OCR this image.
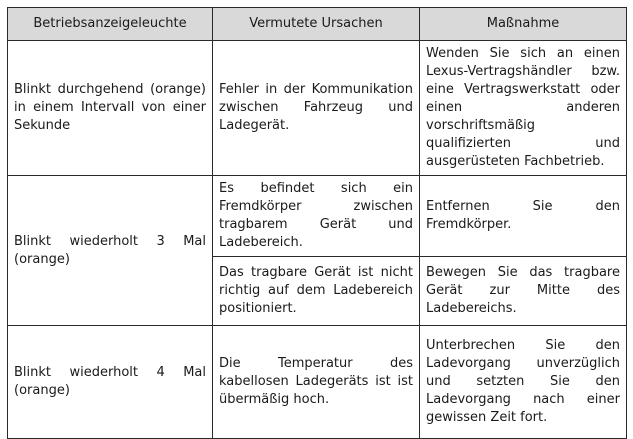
Betriebsanzeigeleuchte	Vermutete Ursachen	Maßnahme
Blinkt durchgehend (orange) in einem Intervall von einer Sekunde	Fehler in der Kommunikation zwischen Fahrzeug und Ladegerät.	Wenden Sie sich an einen Lexus-Vertragshändler bzw. eine Vertragswerkstatt oder einen anderen vorschriftsmäßig qualifizierten und ausgerüsteten Fachbetrieb.
Blinkt wiederholt 3 Mal (orange)	Es befindet sich ein Fremdkörper zwischen tragbarem Gerät und Ladebereich.	Entfernen Sie den Fremdkörper.
	Das tragbare Gerät ist nicht richtig auf dem Ladebereich positioniert.	Bewegen Sie das tragbare Gerät zur Mitte des Ladebereichs.
Blinkt wiederholt 4 Mal (orange)	Die Temperatur des kabellosen Ladegeräts ist ist übermäßig hoch.	Unterbrechen Sie den Ladevorgang unverzüglich und setzten Sie den Ladevorgang nach einer gewissen Zeit fort.
